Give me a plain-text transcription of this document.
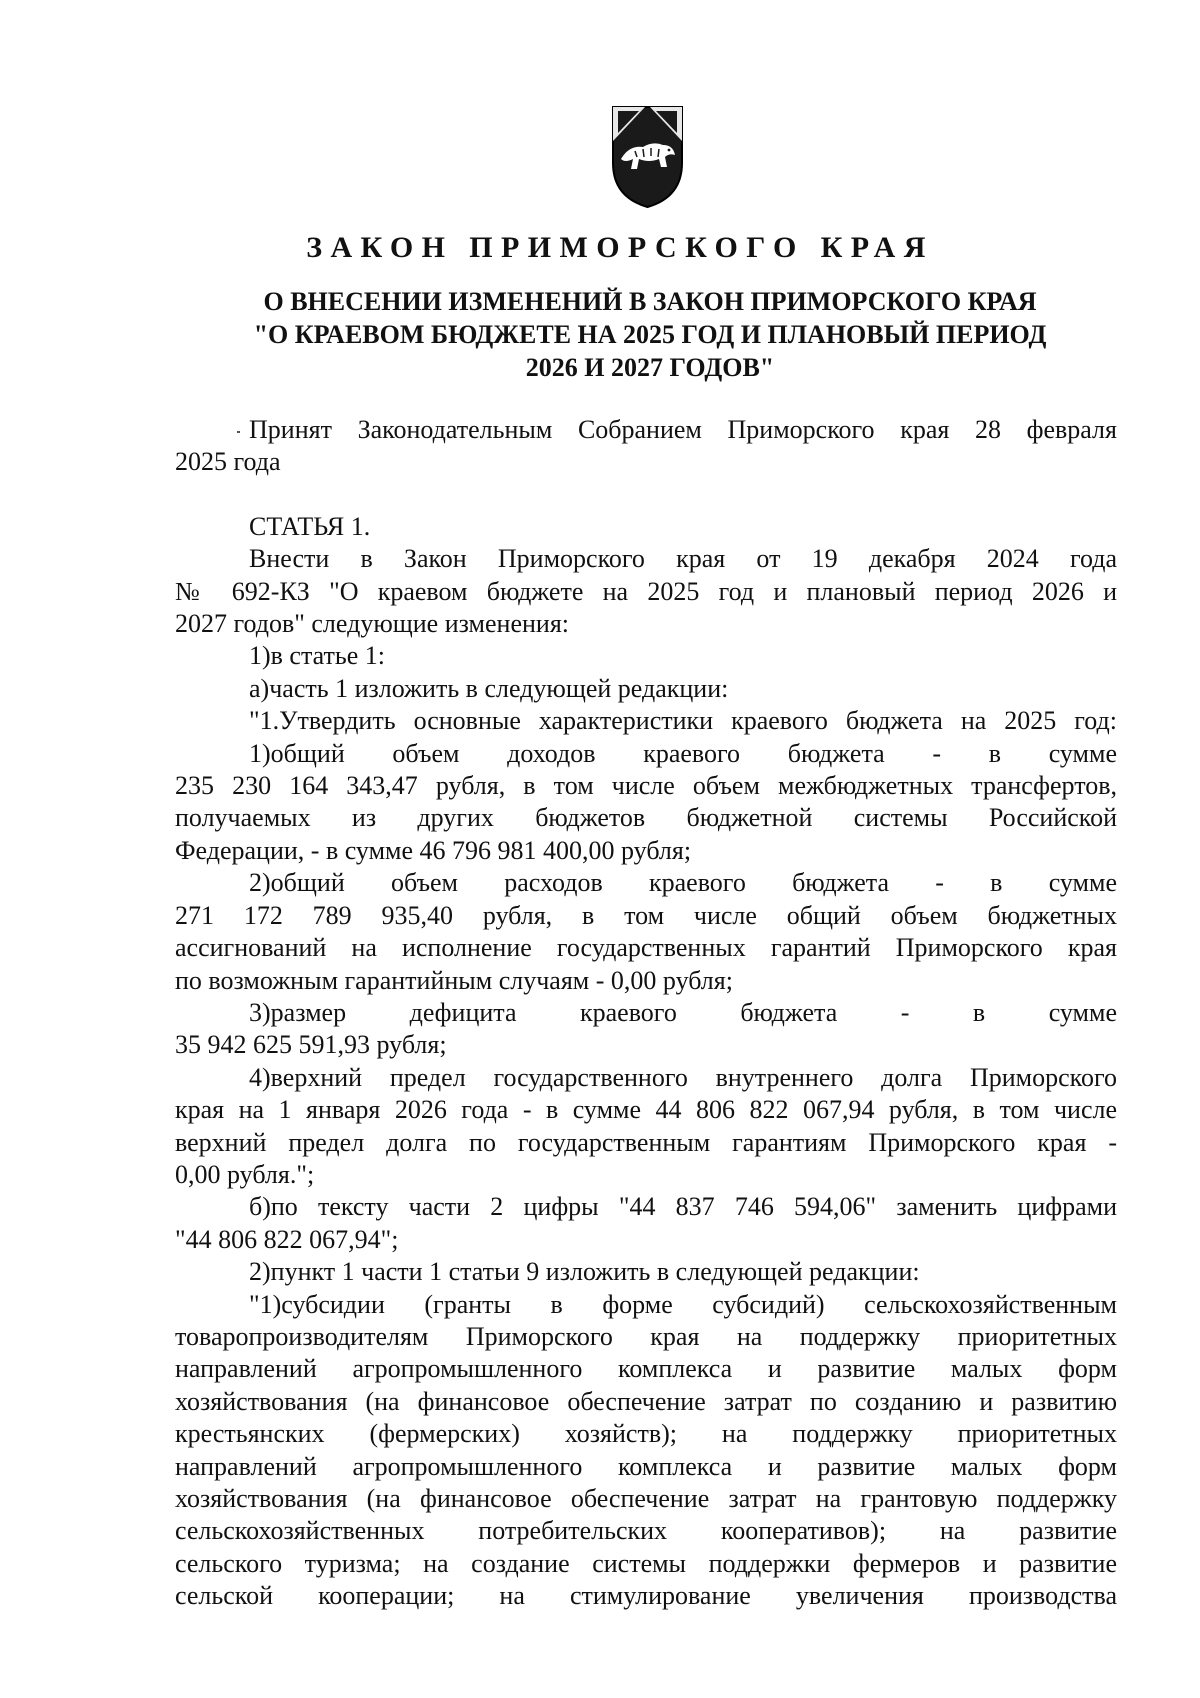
ЗАКОН ПРИМОРСКОГО КРАЯ
О ВНЕСЕНИИ ИЗМЕНЕНИЙ В ЗАКОН ПРИМОРСКОГО КРАЯ
"О КРАЕВОМ БЮДЖЕТЕ НА 2025 ГОД И ПЛАНОВЫЙ ПЕРИОД
2026 И 2027 ГОДОВ"

Принят Законодательным Собранием Приморского края 28 февраля

2025 года

СТАТЬЯ 1.

Внести в Закон Приморского края от 19 декабря 2024 года

№ 692-КЗ "О краевом бюджете на 2025 год и плановый период 2026 и

2027 годов" следующие изменения:

1)в статье 1:

а)часть 1 изложить в следующей редакции:

"1.Утвердить основные характеристики краевого бюджета на 2025 год:

1)общий объем доходов краевого бюджета - в сумме

235 230 164 343,47 рубля, в том числе объем межбюджетных трансфертов,

получаемых из других бюджетов бюджетной системы Российской

Федерации, - в сумме 46 796 981 400,00 рубля;

2)общий объем расходов краевого бюджета - в сумме

271 172 789 935,40 рубля, в том числе общий объем бюджетных

ассигнований на исполнение государственных гарантий Приморского края

по возможным гарантийным случаям - 0,00 рубля;

3)размер дефицита краевого бюджета - в сумме

35 942 625 591,93 рубля;

4)верхний предел государственного внутреннего долга Приморского

края на 1 января 2026 года - в сумме 44 806 822 067,94 рубля, в том числе

верхний предел долга по государственным гарантиям Приморского края -

0,00 рубля.";

б)по тексту части 2 цифры "44 837 746 594,06" заменить цифрами

"44 806 822 067,94";

2)пункт 1 части 1 статьи 9 изложить в следующей редакции:

"1)субсидии (гранты в форме субсидий) сельскохозяйственным

товаропроизводителям Приморского края на поддержку приоритетных

направлений агропромышленного комплекса и развитие малых форм

хозяйствования (на финансовое обеспечение затрат по созданию и развитию

крестьянских (фермерских) хозяйств); на поддержку приоритетных

направлений агропромышленного комплекса и развитие малых форм

хозяйствования (на финансовое обеспечение затрат на грантовую поддержку

сельскохозяйственных потребительских кооперативов); на развитие

сельского туризма; на создание системы поддержки фермеров и развитие

сельской кооперации; на стимулирование увеличения производства
